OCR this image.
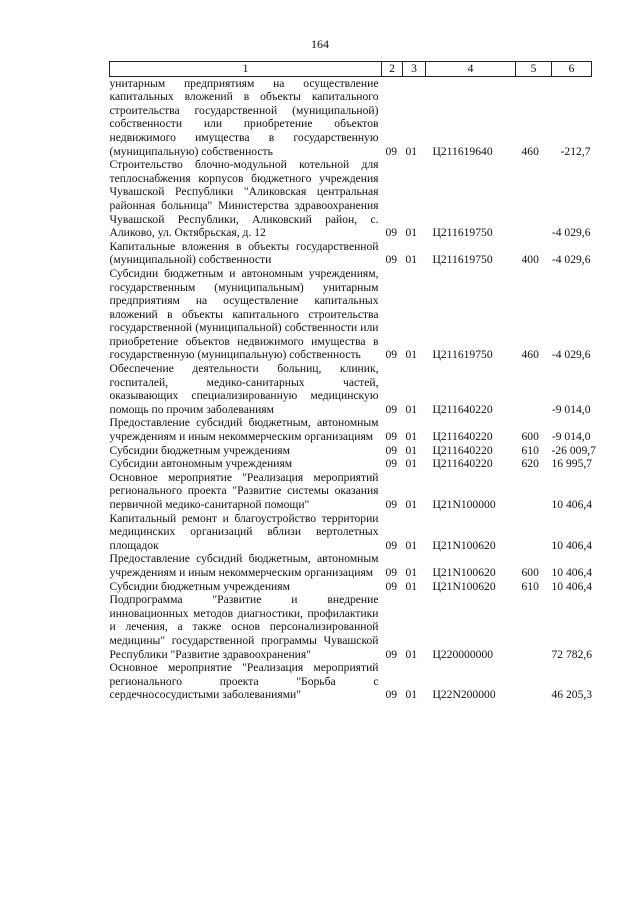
164
1	2	3	4	5	6
унитарным предприятиям на осуществление капитальных вложений в объекты капитального строительства государственной (муниципальной) собственности или приобретение объектов недвижимого имущества в государственную (муниципальную) собственность	09	01	Ц211619640	460	-212,7
Строительство блочно-модульной котельной для теплоснабжения корпусов бюджетного учреждения Чувашской Республики "Аликовская центральная районная больница" Министерства здравоохранения Чувашской Республики, Аликовский район, с. Аликово, ул. Октябрьская, д. 12	09	01	Ц211619750		-4 029,6
Капитальные вложения в объекты государственной (муниципальной) собственности	09	01	Ц211619750	400	-4 029,6
Субсидии бюджетным и автономным учреждениям, государственным (муниципальным) унитарным предприятиям на осуществление капитальных вложений в объекты капитального строительства государственной (муниципальной) собственности или приобретение объектов недвижимого имущества в государственную (муниципальную) собственность	09	01	Ц211619750	460	-4 029,6
Обеспечение деятельности больниц, клиник, госпиталей, медико-санитарных частей, оказывающих специализированную медицинскую помощь по прочим заболеваниям	09	01	Ц211640220		-9 014,0
Предоставление субсидий бюджетным, автономным учреждениям и иным некоммерческим организациям	09	01	Ц211640220	600	-9 014,0
Субсидии бюджетным учреждениям	09	01	Ц211640220	610	-26 009,7
Субсидии автономным учреждениям	09	01	Ц211640220	620	16 995,7
Основное мероприятие "Реализация мероприятий регионального проекта "Развитие системы оказания первичной медико-санитарной помощи"	09	01	Ц21N100000		10 406,4
Капитальный ремонт и благоустройство территории медицинских организаций вблизи вертолетных площадок	09	01	Ц21N100620		10 406,4
Предоставление субсидий бюджетным, автономным учреждениям и иным некоммерческим организациям	09	01	Ц21N100620	600	10 406,4
Субсидии бюджетным учреждениям	09	01	Ц21N100620	610	10 406,4
Подпрограмма "Развитие и внедрение инновационных методов диагностики, профилактики и лечения, а также основ персонализированной медицины" государственной программы Чувашской Республики "Развитие здравоохранения"	09	01	Ц220000000		72 782,6
Основное мероприятие "Реализация мероприятий регионального проекта "Борьба с сердечнососудистыми заболеваниями"	09	01	Ц22N200000		46 205,3
